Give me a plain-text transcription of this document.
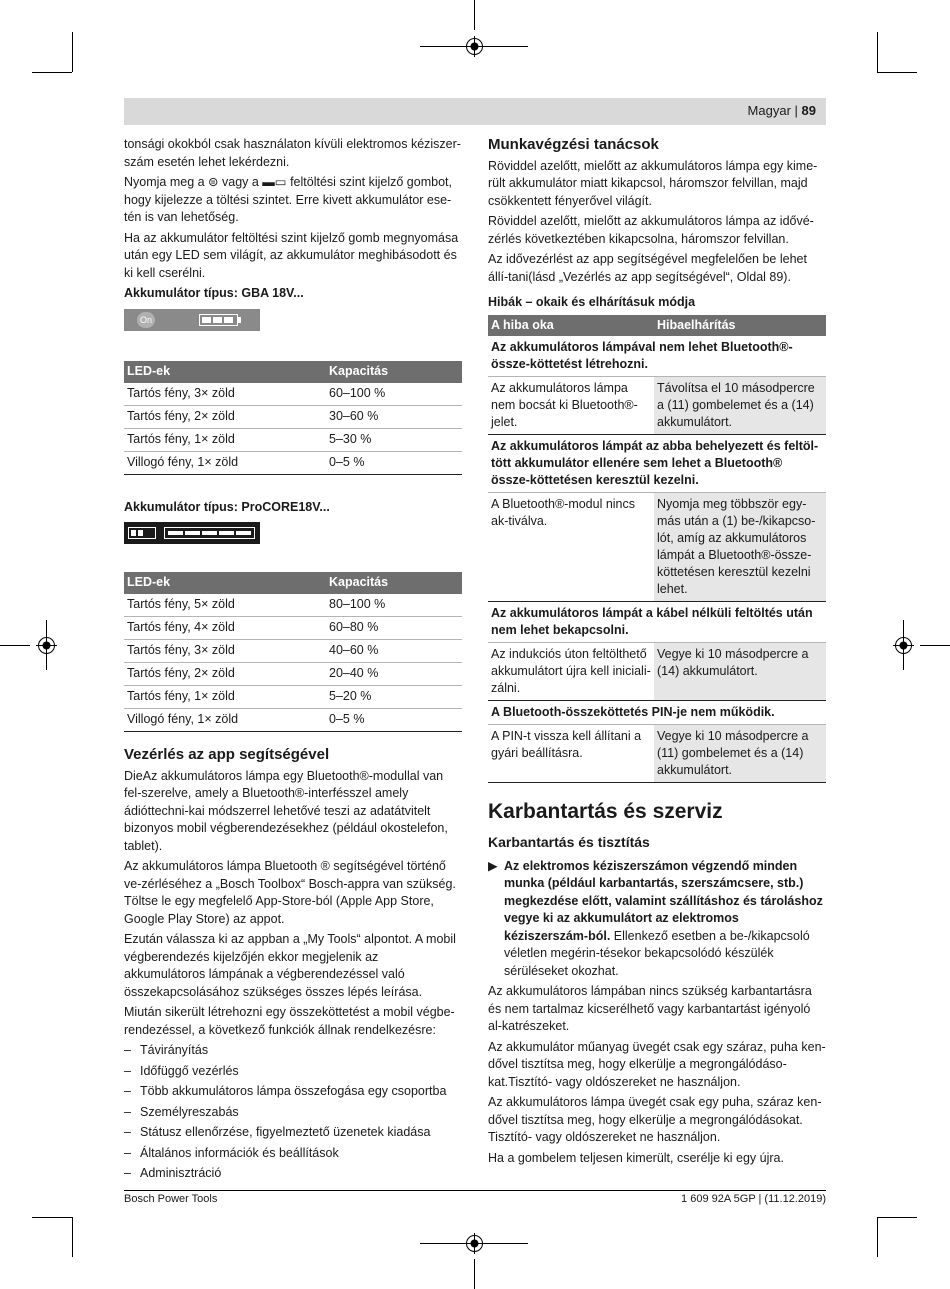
Magyar | 89

tonsági okokból csak használaton kívüli elektromos kéziszer-szám esetén lehet lekérdezni.

Nyomja meg a ⊜ vagy a ▬▭ feltöltési szint kijelző gombot, hogy kijelezze a töltési szintet. Erre kivett akkumulátor ese-tén is van lehetőség.

Ha az akkumulátor feltöltési szint kijelző gomb megnyomása után egy LED sem világít, az akkumulátor meghibásodott és ki kell cserélni.

Akkumulátor típus: GBA 18V...
On
LED-ek	Kapacitás
Tartós fény, 3× zöld	60–100 %
Tartós fény, 2× zöld	30–60 %
Tartós fény, 1× zöld	5–30 %
Villogó fény, 1× zöld	0–5 %
Akkumulátor típus: ProCORE18V...
LED-ek	Kapacitás
Tartós fény, 5× zöld	80–100 %
Tartós fény, 4× zöld	60–80 %
Tartós fény, 3× zöld	40–60 %
Tartós fény, 2× zöld	20–40 %
Tartós fény, 1× zöld	5–20 %
Villogó fény, 1× zöld	0–5 %
Vezérlés az app segítségével

DieAz akkumulátoros lámpa egy Bluetooth®-modullal van fel-szerelve, amely a Bluetooth®-interfésszel amely ádióttechni-kai módszerrel lehetővé teszi az adatátvitelt bizonyos mobil végberendezésekhez (például okostelefon, tablet).

Az akkumulátoros lámpa Bluetooth ® segítségével történő ve-zérléséhez a „Bosch Toolbox“ Bosch-appra van szükség. Töltse le egy megfelelő App-Store-ból (Apple App Store, Google Play Store) az appot.

Ezután válassza ki az appban a „My Tools“ alpontot. A mobil végberendezés kijelzőjén ekkor megjelenik az akkumulátoros lámpának a végberendezéssel való összekapcsolásához szükséges összes lépés leírása.

Miután sikerült létrehozni egy összeköttetést a mobil végbe-rendezéssel, a következő funkciók állnak rendelkezésre:

– Távirányítás
– Időfüggő vezérlés
– Több akkumulátoros lámpa összefogása egy csoportba
– Személyreszabás
– Státusz ellenőrzése, figyelmeztető üzenetek kiadása
– Általános információk és beállítások
– Adminisztráció
Munkavégzési tanácsok

Röviddel azelőtt, mielőtt az akkumulátoros lámpa egy kime-rült akkumulátor miatt kikapcsol, háromszor felvillan, majd csökkentett fényerővel világít.

Röviddel azelőtt, mielőtt az akkumulátoros lámpa az idővé-zérlés következtében kikapcsolna, háromszor felvillan.

Az idővezérlést az app segítségével megfelelően be lehet állí-tani(lásd „Vezérlés az app segítségével“, Oldal 89).

Hibák – okaik és elhárításuk módja
A hiba oka	Hibaelhárítás
Az akkumulátoros lámpával nem lehet Bluetooth®-össze-köttetést létrehozni.	
Az akkumulátoros lámpa nem bocsát ki Bluetooth®-jelet.	Távolítsa el 10 másodpercre a (11) gombelemet és a (14) akkumulátort.
Az akkumulátoros lámpát az abba behelyezett és feltöl-tött akkumulátor ellenére sem lehet a Bluetooth® össze-köttetésen keresztül kezelni.	
A Bluetooth®-modul nincs ak-tiválva.	Nyomja meg többször egy-más után a (1) be-/kikapcso-lót, amíg az akkumulátoros lámpát a Bluetooth®-össze-köttetésen keresztül kezelni lehet.
Az akkumulátoros lámpát a kábel nélküli feltöltés után nem lehet bekapcsolni.	
Az indukciós úton feltölthető akkumulátort újra kell iniciali-zálni.	Vegye ki 10 másodpercre a (14) akkumulátort.
A Bluetooth-összeköttetés PIN-je nem működik.	
A PIN-t vissza kell állítani a gyári beállításra.	Vegye ki 10 másodpercre a (11) gombelemet és a (14) akkumulátort.
Karbantartás és szerviz
Karbantartás és tisztítás
▶ Az elektromos kéziszerszámon végzendő minden munka (például karbantartás, szerszámcsere, stb.) megkezdése előtt, valamint szállításhoz és tároláshoz vegye ki az akkumulátort az elektromos kéziszerszám-ból. Ellenkező esetben a be-/kikapcsoló véletlen megérin-tésekor bekapcsolódó készülék sérüléseket okozhat.

Az akkumulátoros lámpában nincs szükség karbantartásra és nem tartalmaz kicserélhető vagy karbantartást igényoló al-katrészeket.

Az akkumulátor műanyag üvegét csak egy száraz, puha ken-dővel tisztítsa meg, hogy elkerülje a megrongálódáso-kat.Tisztító- vagy oldószereket ne használjon.

Az akkumulátoros lámpa üvegét csak egy puha, száraz ken-dővel tisztítsa meg, hogy elkerülje a megrongálódásokat. Tisztító- vagy oldószereket ne használjon.

Ha a gombelem teljesen kimerült, cserélje ki egy újra.

Bosch Power Tools	1 609 92A 5GP | (11.12.2019)
